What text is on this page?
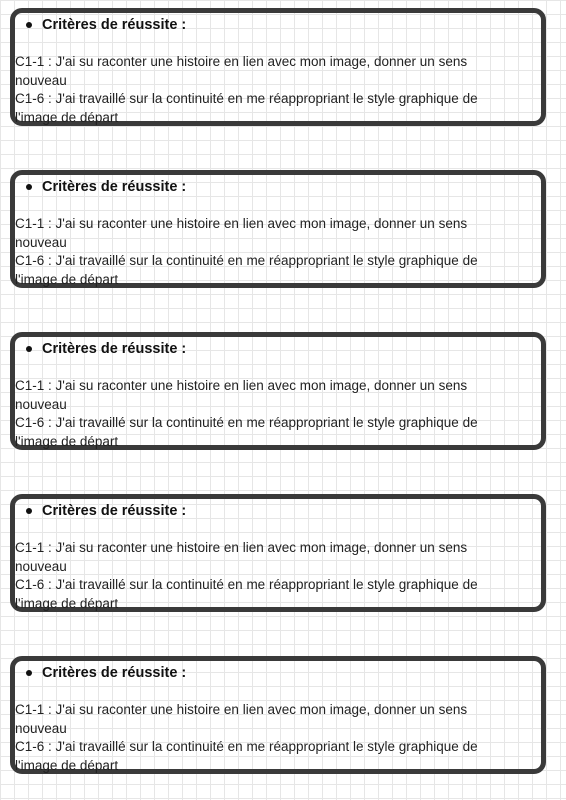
Critères de réussite :
C1-1 : J'ai su raconter une histoire en lien avec mon image, donner un sens nouveau
C1-6 : J'ai travaillé sur la continuité en me réappropriant le style graphique de l'image de départ
Critères de réussite :
C1-1 : J'ai su raconter une histoire en lien avec mon image, donner un sens nouveau
C1-6 : J'ai travaillé sur la continuité en me réappropriant le style graphique de l'image de départ
Critères de réussite :
C1-1 : J'ai su raconter une histoire en lien avec mon image, donner un sens nouveau
C1-6 : J'ai travaillé sur la continuité en me réappropriant le style graphique de l'image de départ
Critères de réussite :
C1-1 : J'ai su raconter une histoire en lien avec mon image, donner un sens nouveau
C1-6 : J'ai travaillé sur la continuité en me réappropriant le style graphique de l'image de départ
Critères de réussite :
C1-1 : J'ai su raconter une histoire en lien avec mon image, donner un sens nouveau
C1-6 : J'ai travaillé sur la continuité en me réappropriant le style graphique de l'image de départ
